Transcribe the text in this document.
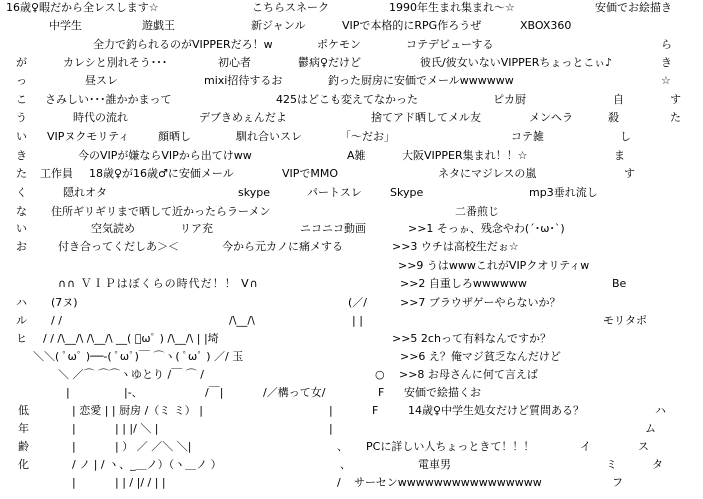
16歳♀暇だから全レスします☆	こちらスネーク	1990年生まれ集まれ～☆	安価でお絵描き
中学生	遊戯王	新ジャンル	VIPで本格的にRPG作ろうぜ	XBOX360
全力で釣られるのがVIPPERだろ！w	ポケモン	コテデビューする	ら
が	カレシと別れそう･･･	初心者	鬱病♀だけど	彼氏/彼女いないVIPPERちょっとこぃ♪	き
っ	昼スレ	mixi招待するお	釣った厨房に安価でメールwwwwww	☆
こ さみしい･･･誰かかまって	425はどこも変えてなかった	ピカ厨	自	す
う	時代の流れ	デブきめぇんだよ	捨てアド晒してメル友	メンヘラ	殺	た
い VIPヌクモリティ	顔晒し	馴れ合いスレ	「～だお」	コテ雑	し
き	今のVIPが嫌ならVIPから出てけww	A雑	大阪VIPPER集まれ！！☆	ま
た 工作員 18歳♀が16歳♂に安価メール	VIPでMMO	ネタにマジレスの嵐	す
く	隠れオタ	skype	パートスレ	Skype	mp3垂れ流し
な 住所ギリギリまで晒して近かったらラーメン	二番煎じ
い	空気読め	リア充	ニコニコ動画	>>1 そっゕ、残念やわ(´･ω･`)
お	付き合ってくだしあ＞＜	今から元カノに痛メする	>>3 ウチは高校生だぉ☆
>>9 うはwwwこれがVIPクオリティw
∩∩ ＶＩＰはぼくらの時代だ！！ V∩	>>2 自重しろwwwwww	Be
ハ (7ヌ)	(／/	>>7 ブラウザゲーやらないか？
ル / /	/\__/\	| |	モリタポ
ヒ / / /\__/\ /\__/\ __( ﾟωﾟ ) /\__/\ | |埼	>>5 2chって有料なんですか？
＼＼( ﾟωﾟ )──-( ﾟωﾟ)￣ ⌒ヽ( ﾟωﾟ ) ／/ 玉	>>6 え？俺マジ貧乏なんだけど
＼ ／⌒ ⌒⌒ヽゆとり /￣ ⌒ /	○ >>8 お母さんに何て言えば
|	|-、	/￣|	/／構って女/	F 安価で絵描くお
低	| 恋愛 | | 厨房 /（ミ ミ） |	|	F	14歳♀中学生処女だけど質問ある？	ハ
年	|	| | |/ ＼ |	|	ム
齢	|	| ） ／ ／＼ ＼|	、 PCに詳しい人ちょっときて！！！	イ	ス
化	/ ノ | / ヽ、_＿ノ）（ヽ＿ノ ）	、	電車男	ミ	タ
|	| | / |/ / | |	/ サーセンwwwwwwwwwwwwwwww	フ
